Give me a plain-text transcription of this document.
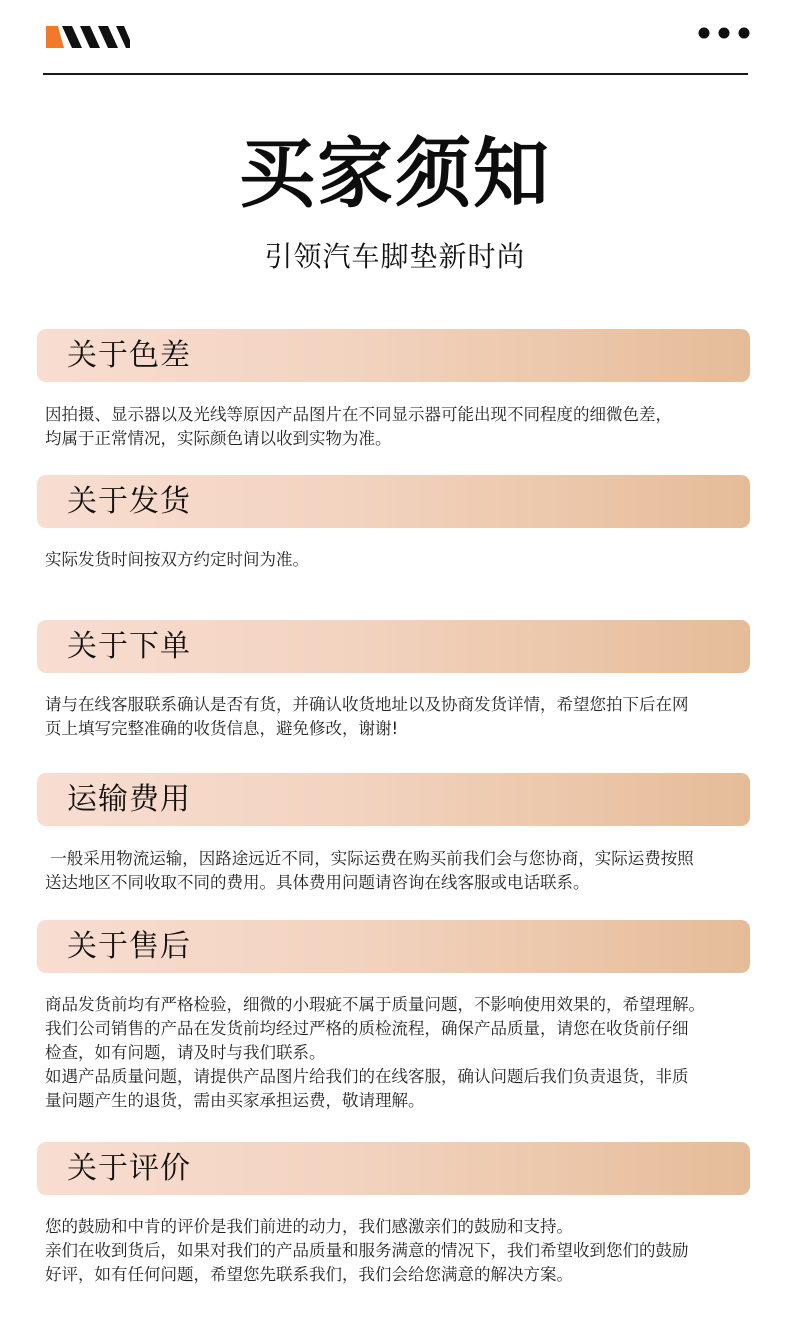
买家须知
引领汽车脚垫新时尚
关于色差
因拍摄、显示器以及光线等原因产品图片在不同显示器可能出现不同程度的细微色差，
均属于正常情况，实际颜色请以收到实物为准。
关于发货
实际发货时间按双方约定时间为准。
关于下单
请与在线客服联系确认是否有货，并确认收货地址以及协商发货详情，希望您拍下后在网
页上填写完整准确的收货信息，避免修改，谢谢!
运输费用
一般采用物流运输，因路途远近不同，实际运费在购买前我们会与您协商，实际运费按照
送达地区不同收取不同的费用。具体费用问题请咨询在线客服或电话联系。
关于售后
商品发货前均有严格检验，细微的小瑕疵不属于质量问题，不影响使用效果的，希望理解。
我们公司销售的产品在发货前均经过严格的质检流程，确保产品质量，请您在收货前仔细
检查，如有问题，请及时与我们联系。
如遇产品质量问题，请提供产品图片给我们的在线客服，确认问题后我们负责退货，非质
量问题产生的退货，需由买家承担运费，敬请理解。
关于评价
您的鼓励和中肯的评价是我们前进的动力，我们感激亲们的鼓励和支持。
亲们在收到货后，如果对我们的产品质量和服务满意的情况下，我们希望收到您们的鼓励
好评，如有任何问题，希望您先联系我们，我们会给您满意的解决方案。
